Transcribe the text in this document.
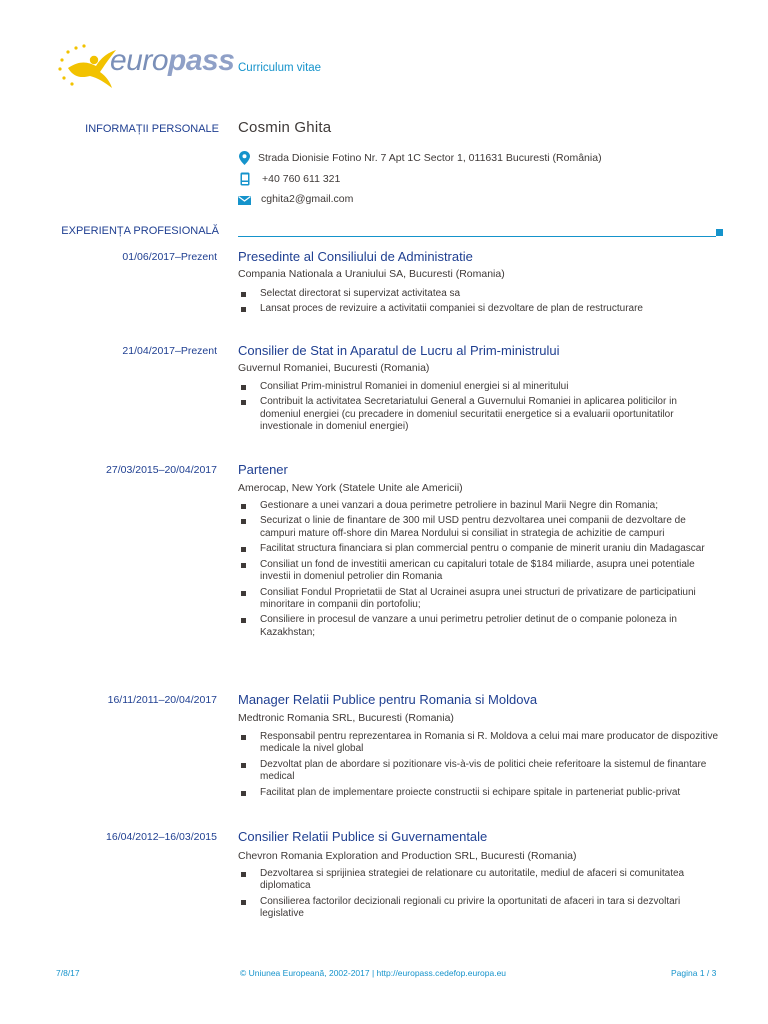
europass Curriculum vitae
INFORMAȚII PERSONALE Cosmin Ghita
Strada Dionisie Fotino Nr. 7 Apt 1C Sector 1, 011631 Bucuresti (România)
+40 760 611 321
cghita2@gmail.com
EXPERIENȚA PROFESIONALĂ
01/06/2017–Prezent Presedinte al Consiliului de Administratie
Compania Nationala a Uraniului SA, Bucuresti (Romania)
Selectat directorat si supervizat activitatea sa
Lansat proces de revizuire a activitatii companiei si dezvoltare de plan de restructurare
21/04/2017–Prezent Consilier de Stat in Aparatul de Lucru al Prim-ministrului
Guvernul Romaniei, Bucuresti (Romania)
Consiliat Prim-ministrul Romaniei in domeniul energiei si al mineritului
Contribuit la activitatea Secretariatului General a Guvernului Romaniei in aplicarea politicilor in domeniul energiei (cu precadere in domeniul securitatii energetice si a evaluarii oportunitatilor investionale in domeniul energiei)
27/03/2015–20/04/2017 Partener
Amerocap, New York (Statele Unite ale Americii)
Gestionare a unei vanzari a doua perimetre petroliere in bazinul Marii Negre din Romania;
Securizat o linie de finantare de 300 mil USD pentru dezvoltarea unei companii de dezvoltare de campuri mature off-shore din Marea Nordului si consiliat in strategia de achizitie de campuri
Facilitat structura financiara si plan commercial pentru o companie de minerit uraniu din Madagascar
Consiliat un fond de investitii american cu capitaluri totale de $184 miliarde, asupra unei potentiale investii in domeniul petrolier din Romania
Consiliat Fondul Proprietatii de Stat al Ucrainei asupra unei structuri de privatizare de participatiuni minoritare in companii din portofoliu;
Consiliere in procesul de vanzare a unui perimetru petrolier detinut de o companie poloneza in Kazakhstan;
16/11/2011–20/04/2017 Manager Relatii Publice pentru Romania si Moldova
Medtronic Romania SRL, Bucuresti (Romania)
Responsabil pentru reprezentarea in Romania si R. Moldova a celui mai mare producator de dispozitive medicale la nivel global
Dezvoltat plan de abordare si pozitionare vis-à-vis de politici cheie referitoare la sistemul de finantare medical
Facilitat plan de implementare proiecte constructii si echipare spitale in parteneriat public-privat
16/04/2012–16/03/2015 Consilier Relatii Publice si Guvernamentale
Chevron Romania Exploration and Production SRL, Bucuresti (Romania)
Dezvoltarea si sprijiniea strategiei de relationare cu autoritatile, mediul de afaceri si comunitatea diplomatica
Consilierea factorilor decizionali regionali cu privire la oportunitati de afaceri in tara si dezvoltari legislative
7/8/17	© Uniunea Europeană, 2002-2017 | http://europass.cedefop.europa.eu	Pagina 1 / 3
